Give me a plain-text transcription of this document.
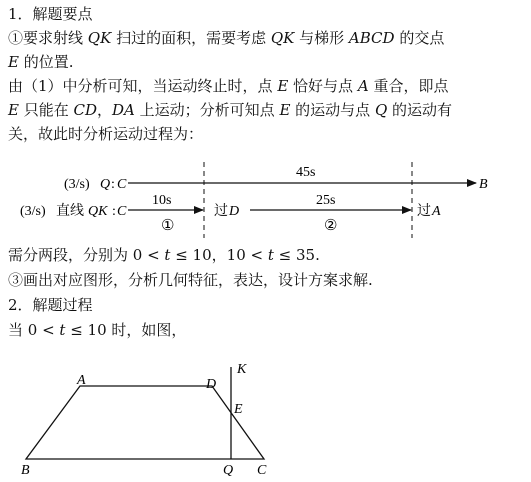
1．解题要点
①要求射线 QK 扫过的面积，需要考虑 QK 与梯形 ABCD 的交点
E 的位置.
由（1）中分析可知，当运动终止时，点 E 恰好与点 A 重合，即点
E 只能在 CD，DA 上运动；分析可知点 E 的运动与点 Q 的运动有
关，故此时分析运动过程为：
(3/s) Q : C
45s
B
(3/s) 直线 QK : C
10s
①
过 D
25s
②
过 A
需分两段，分别为 0 < t ≤ 10，10 < t ≤ 35.
③画出对应图形，分析几何特征，表达，设计方案求解.
2．解题过程
当 0 < t ≤ 10 时，如图，
A	D
K
E
B	Q C
